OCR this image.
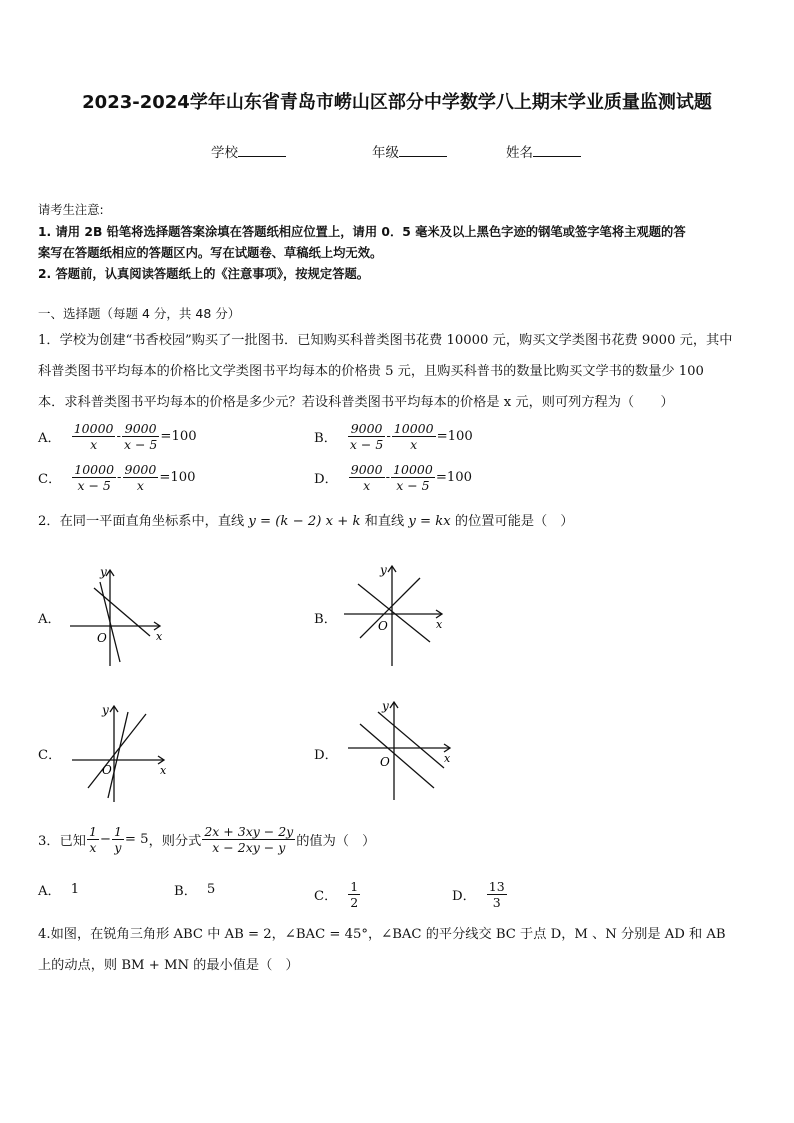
2023-2024学年山东省青岛市崂山区部分中学数学八上期末学业质量监测试题
学校	年级	姓名
请考生注意:
1. 请用 2B 铅笔将选择题答案涂填在答题纸相应位置上，请用 0．5 毫米及以上黑色字迹的钢笔或签字笔将主观题的答
案写在答题纸相应的答题区内。写在试题卷、草稿纸上均无效。
2. 答题前，认真阅读答题纸上的《注意事项》，按规定答题。
一、选择题（每题 4 分，共 48 分）
1．学校为创建“书香校园”购买了一批图书．已知购买科普类图书花费 10000 元，购买文学类图书花费 9000 元，其中
科普类图书平均每本的价格比文学类图书平均每本的价格贵 5 元，且购买科普书的数量比购买文学书的数量少 100
本．求科普类图书平均每本的价格是多少元？若设科普类图书平均每本的价格是 x 元，则可列方程为（　　）
A． $\frac{10000}{x} - \frac{9000}{x - 5} =100$	B． $\frac{9000}{x - 5} - \frac{10000}{x} =100$
C． $\frac{10000}{x - 5} - \frac{9000}{x} =100$	D． $\frac{9000}{x} - \frac{10000}{x - 5} =100$
2．在同一平面直角坐标系中，直线 y = (k − 2) x + k 和直线 y = kx 的位置可能是（　）
A．	B．
C．	D．
y
x
O
y
x
O
y
x
O
y
x
O
3．已知 $\frac{1}{x} - \frac{1}{y} = 5$ ，则分式 $\frac{2x + 3xy - 2y}{x - 2xy - y}$ 的值为（　）
A． 1	B． 5	C． $\frac{1}{2}$	D． $\frac{13}{3}$
4.如图，在锐角三角形 ABC 中 AB = 2，∠BAC = 45°，∠BAC 的平分线交 BC 于点 D，M 、N 分别是 AD 和 AB
上的动点，则 BM + MN 的最小值是（　）
